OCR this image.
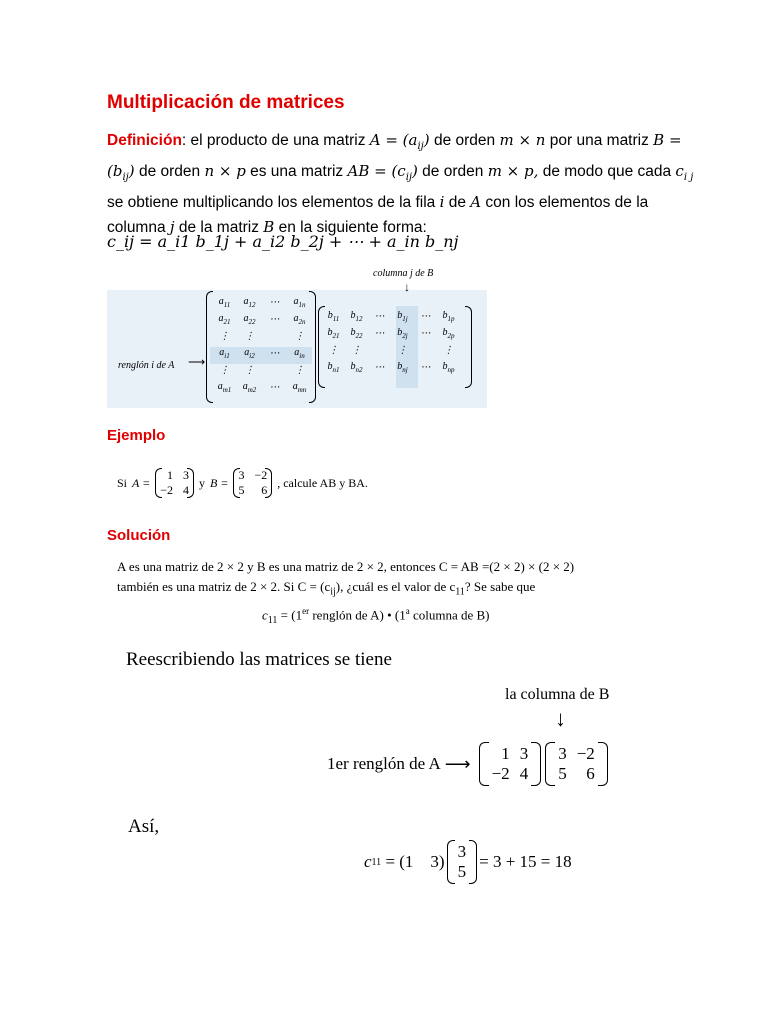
Multiplicación de matrices
Definición: el producto de una matriz $A = (a_{ij})$ de orden m × n por una matriz $B = (b_{ij})$ de orden n × p es una matriz AB = $(c_{ij})$ de orden m × p, de modo que cada $c_{i j}$ se obtiene multiplicando los elementos de la fila i de A con los elementos de la columna j de la matriz B en la siguiente forma:
c_ij = a_i1 b_1j + a_i2 b_2j + ⋯ + a_in b_nj
columna j de B
↓
renglón i de A ⟶
$a_{11}$	$a_{12}$	⋯	$a_{1n}$
$a_{21}$	$a_{22}$	⋯	$a_{2n}$
⋮	⋮		⋮
$a_{i1}$	$a_{i2}$	⋯	$a_{in}$
⋮	⋮		⋮
$a_{m1}$	$a_{m2}$	⋯	$a_{mn}$
$b_{11}$	$b_{12}$	⋯	$b_{1j}$	⋯	$b_{1p}$
$b_{21}$	$b_{22}$	⋯	$b_{2j}$	⋯	$b_{2p}$
⋮	⋮		⋮		⋮
$b_{n1}$	$b_{n2}$	⋯	$b_{nj}$	⋯	$b_{np}$
Ejemplo
Si A =
1	3
−2	4
y B =
3	−2
5	6
, calcule AB y BA.
Solución
A es una matriz de 2 × 2 y B es una matriz de 2 × 2, entonces C = AB =(2 × 2) × (2 × 2)
también es una matriz de 2 × 2. Si $C = (c_{ij})$, ¿cuál es el valor de $c_{11}$? Se sabe que
$c_{11} = (1er$ renglón de A) • (1$^a$ columna de B)
Reescribiendo las matrices se tiene
la columna de B
↓
1er renglón de A ⟶ 1	3
−2	4
3	−2
5	6
Así,
c 11 = (1    3)
3
5
= 3 + 15 = 18
